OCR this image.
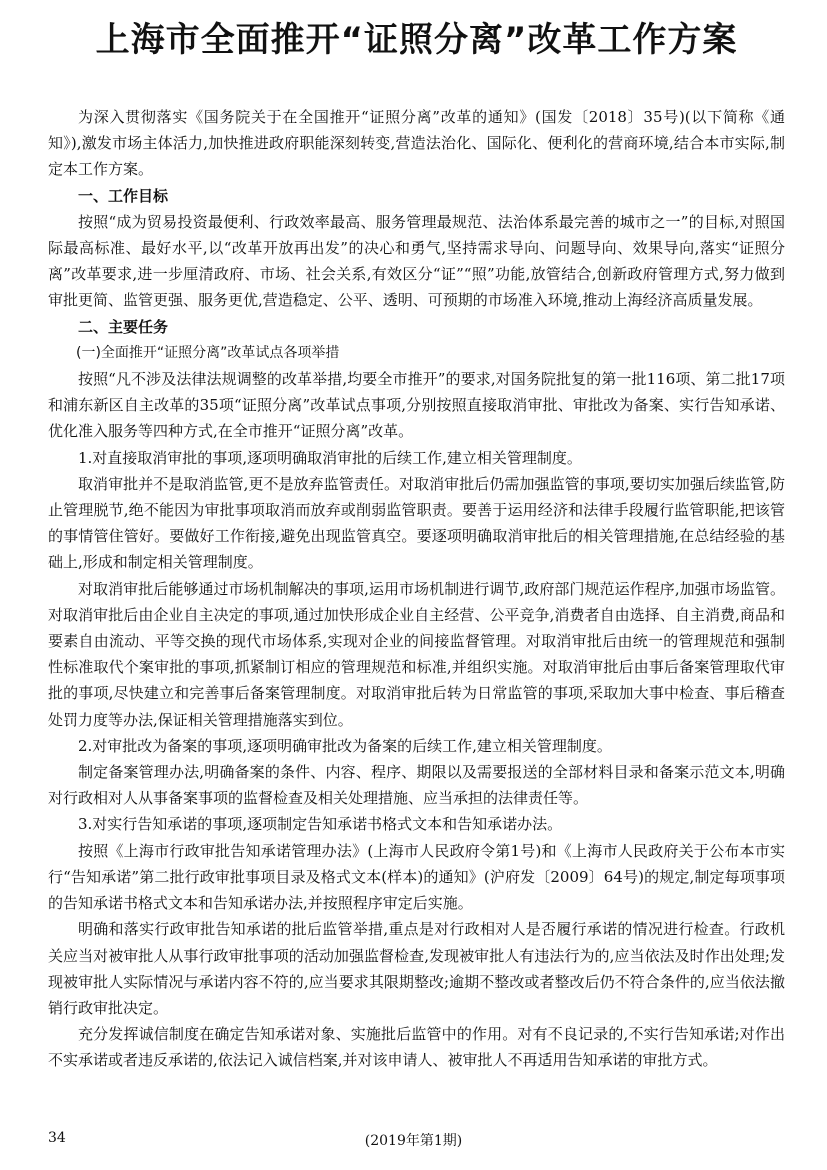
上海市全面推开“证照分离”改革工作方案

为深入贯彻落实《国务院关于在全国推开“证照分离”改革的通知》(国发〔2018〕35号)(以下简称《通知》),激发市场主体活力,加快推进政府职能深刻转变,营造法治化、国际化、便利化的营商环境,结合本市实际,制定本工作方案。

一、工作目标

按照“成为贸易投资最便利、行政效率最高、服务管理最规范、法治体系最完善的城市之一”的目标,对照国际最高标准、最好水平,以“改革开放再出发”的决心和勇气,坚持需求导向、问题导向、效果导向,落实“证照分离”改革要求,进一步厘清政府、市场、社会关系,有效区分“证”“照”功能,放管结合,创新政府管理方式,努力做到审批更简、监管更强、服务更优,营造稳定、公平、透明、可预期的市场准入环境,推动上海经济高质量发展。

二、主要任务

(一)全面推开“证照分离”改革试点各项举措

按照“凡不涉及法律法规调整的改革举措,均要全市推开”的要求,对国务院批复的第一批116项、第二批17项和浦东新区自主改革的35项“证照分离”改革试点事项,分别按照直接取消审批、审批改为备案、实行告知承诺、优化准入服务等四种方式,在全市推开“证照分离”改革。

1.对直接取消审批的事项,逐项明确取消审批的后续工作,建立相关管理制度。

取消审批并不是取消监管,更不是放弃监管责任。对取消审批后仍需加强监管的事项,要切实加强后续监管,防止管理脱节,绝不能因为审批事项取消而放弃或削弱监管职责。要善于运用经济和法律手段履行监管职能,把该管的事情管住管好。要做好工作衔接,避免出现监管真空。要逐项明确取消审批后的相关管理措施,在总结经验的基础上,形成和制定相关管理制度。

对取消审批后能够通过市场机制解决的事项,运用市场机制进行调节,政府部门规范运作程序,加强市场监管。对取消审批后由企业自主决定的事项,通过加快形成企业自主经营、公平竞争,消费者自由选择、自主消费,商品和要素自由流动、平等交换的现代市场体系,实现对企业的间接监督管理。对取消审批后由统一的管理规范和强制性标准取代个案审批的事项,抓紧制订相应的管理规范和标准,并组织实施。对取消审批后由事后备案管理取代审批的事项,尽快建立和完善事后备案管理制度。对取消审批后转为日常监管的事项,采取加大事中检查、事后稽查处罚力度等办法,保证相关管理措施落实到位。

2.对审批改为备案的事项,逐项明确审批改为备案的后续工作,建立相关管理制度。

制定备案管理办法,明确备案的条件、内容、程序、期限以及需要报送的全部材料目录和备案示范文本,明确对行政相对人从事备案事项的监督检查及相关处理措施、应当承担的法律责任等。

3.对实行告知承诺的事项,逐项制定告知承诺书格式文本和告知承诺办法。

按照《上海市行政审批告知承诺管理办法》(上海市人民政府令第1号)和《上海市人民政府关于公布本市实行“告知承诺”第二批行政审批事项目录及格式文本(样本)的通知》(沪府发〔2009〕64号)的规定,制定每项事项的告知承诺书格式文本和告知承诺办法,并按照程序审定后实施。

明确和落实行政审批告知承诺的批后监管举措,重点是对行政相对人是否履行承诺的情况进行检查。行政机关应当对被审批人从事行政审批事项的活动加强监督检查,发现被审批人有违法行为的,应当依法及时作出处理;发现被审批人实际情况与承诺内容不符的,应当要求其限期整改;逾期不整改或者整改后仍不符合条件的,应当依法撤销行政审批决定。

充分发挥诚信制度在确定告知承诺对象、实施批后监管中的作用。对有不良记录的,不实行告知承诺;对作出不实承诺或者违反承诺的,依法记入诚信档案,并对该申请人、被审批人不再适用告知承诺的审批方式。

34	(2019年第1期)
